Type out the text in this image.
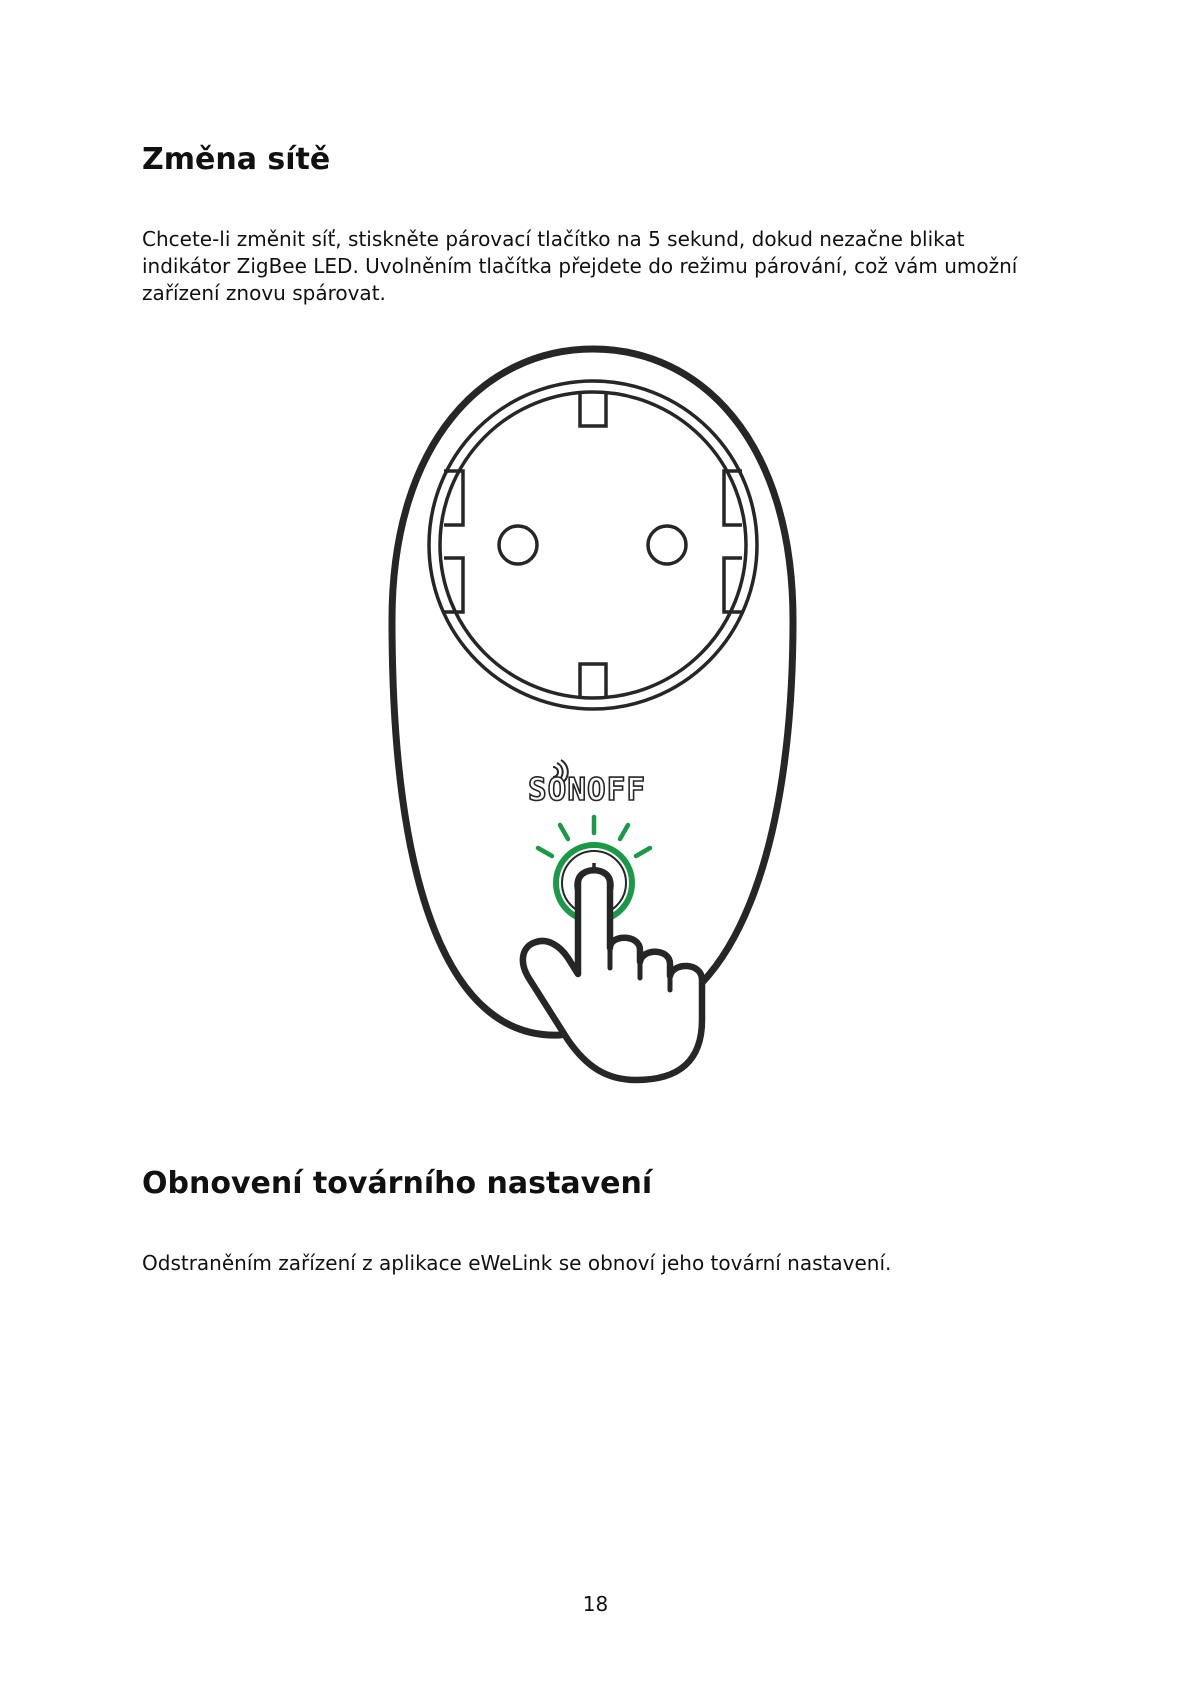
Změna sítě

Chcete-li změnit síť, stiskněte párovací tlačítko na 5 sekund, dokud nezačne blikat
indikátor ZigBee LED. Uvolněním tlačítka přejdete do režimu párování, což vám umožní
zařízení znovu spárovat.

SONOFF
Obnovení továrního nastavení

Odstraněním zařízení z aplikace eWeLink se obnoví jeho tovární nastavení.

18
